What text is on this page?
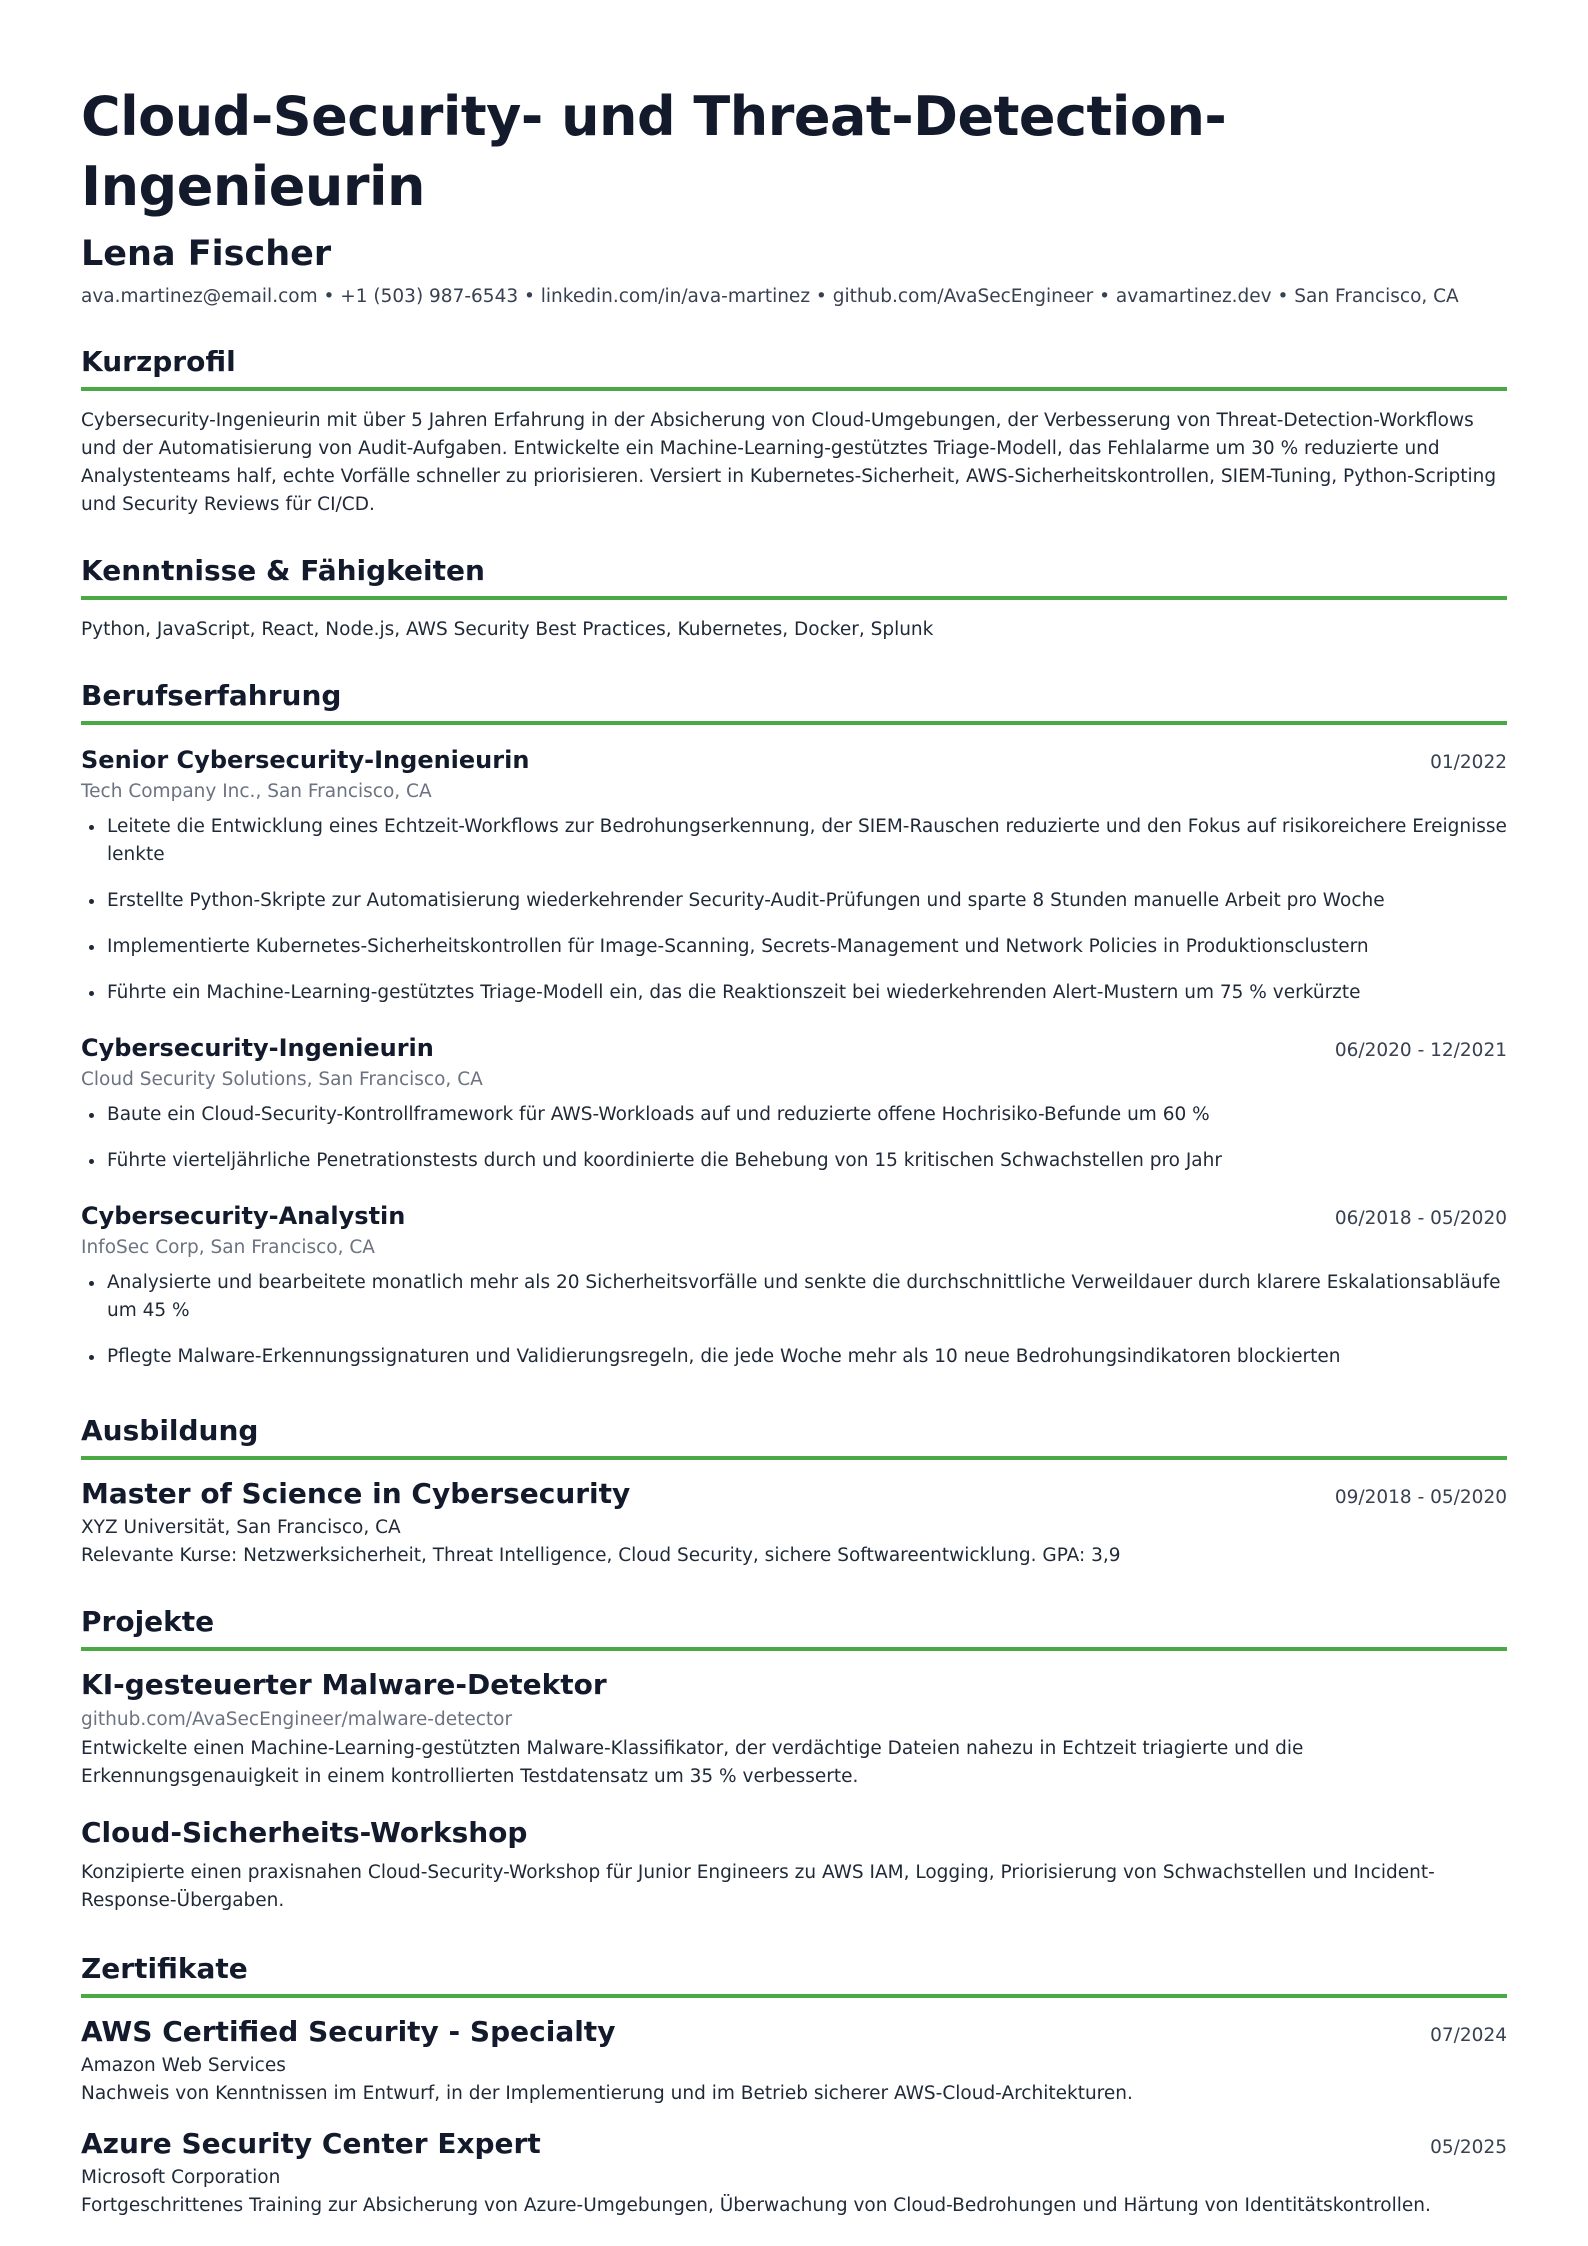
Cloud-Security- und Threat-Detection-Ingenieurin
Lena Fischer
ava.martinez@email.com • +1 (503) 987-6543 • linkedin.com/in/ava-martinez • github.com/AvaSecEngineer • avamartinez.dev • San Francisco, CA
Kurzprofil
Cybersecurity-Ingenieurin mit über 5 Jahren Erfahrung in der Absicherung von Cloud-Umgebungen, der Verbesserung von Threat-Detection-Workflows und der Automatisierung von Audit-Aufgaben. Entwickelte ein Machine-Learning-gestütztes Triage-Modell, das Fehlalarme um 30 % reduzierte und Analystenteams half, echte Vorfälle schneller zu priorisieren. Versiert in Kubernetes-Sicherheit, AWS-Sicherheitskontrollen, SIEM-Tuning, Python-Scripting und Security Reviews für CI/CD.
Kenntnisse & Fähigkeiten
Python, JavaScript, React, Node.js, AWS Security Best Practices, Kubernetes, Docker, Splunk
Berufserfahrung
Senior Cybersecurity-Ingenieurin	01/2022
Tech Company Inc., San Francisco, CA
Leitete die Entwicklung eines Echtzeit-Workflows zur Bedrohungserkennung, der SIEM-Rauschen reduzierte und den Fokus auf risikoreichere Ereignisse lenkte
Erstellte Python-Skripte zur Automatisierung wiederkehrender Security-Audit-Prüfungen und sparte 8 Stunden manuelle Arbeit pro Woche
Implementierte Kubernetes-Sicherheitskontrollen für Image-Scanning, Secrets-Management und Network Policies in Produktionsclustern
Führte ein Machine-Learning-gestütztes Triage-Modell ein, das die Reaktionszeit bei wiederkehrenden Alert-Mustern um 75 % verkürzte
Cybersecurity-Ingenieurin	06/2020 - 12/2021
Cloud Security Solutions, San Francisco, CA
Baute ein Cloud-Security-Kontrollframework für AWS-Workloads auf und reduzierte offene Hochrisiko-Befunde um 60 %
Führte vierteljährliche Penetrationstests durch und koordinierte die Behebung von 15 kritischen Schwachstellen pro Jahr
Cybersecurity-Analystin	06/2018 - 05/2020
InfoSec Corp, San Francisco, CA
Analysierte und bearbeitete monatlich mehr als 20 Sicherheitsvorfälle und senkte die durchschnittliche Verweildauer durch klarere Eskalationsabläufe um 45 %
Pflegte Malware-Erkennungssignaturen und Validierungsregeln, die jede Woche mehr als 10 neue Bedrohungsindikatoren blockierten
Ausbildung
Master of Science in Cybersecurity	09/2018 - 05/2020
XYZ Universität, San Francisco, CA
Relevante Kurse: Netzwerksicherheit, Threat Intelligence, Cloud Security, sichere Softwareentwicklung. GPA: 3,9
Projekte
KI-gesteuerter Malware-Detektor
github.com/AvaSecEngineer/malware-detector
Entwickelte einen Machine-Learning-gestützten Malware-Klassifikator, der verdächtige Dateien nahezu in Echtzeit triagierte und die Erkennungsgenauigkeit in einem kontrollierten Testdatensatz um 35 % verbesserte.
Cloud-Sicherheits-Workshop
Konzipierte einen praxisnahen Cloud-Security-Workshop für Junior Engineers zu AWS IAM, Logging, Priorisierung von Schwachstellen und Incident-Response-Übergaben.
Zertifikate
AWS Certified Security - Specialty	07/2024
Amazon Web Services
Nachweis von Kenntnissen im Entwurf, in der Implementierung und im Betrieb sicherer AWS-Cloud-Architekturen.
Azure Security Center Expert	05/2025
Microsoft Corporation
Fortgeschrittenes Training zur Absicherung von Azure-Umgebungen, Überwachung von Cloud-Bedrohungen und Härtung von Identitätskontrollen.
